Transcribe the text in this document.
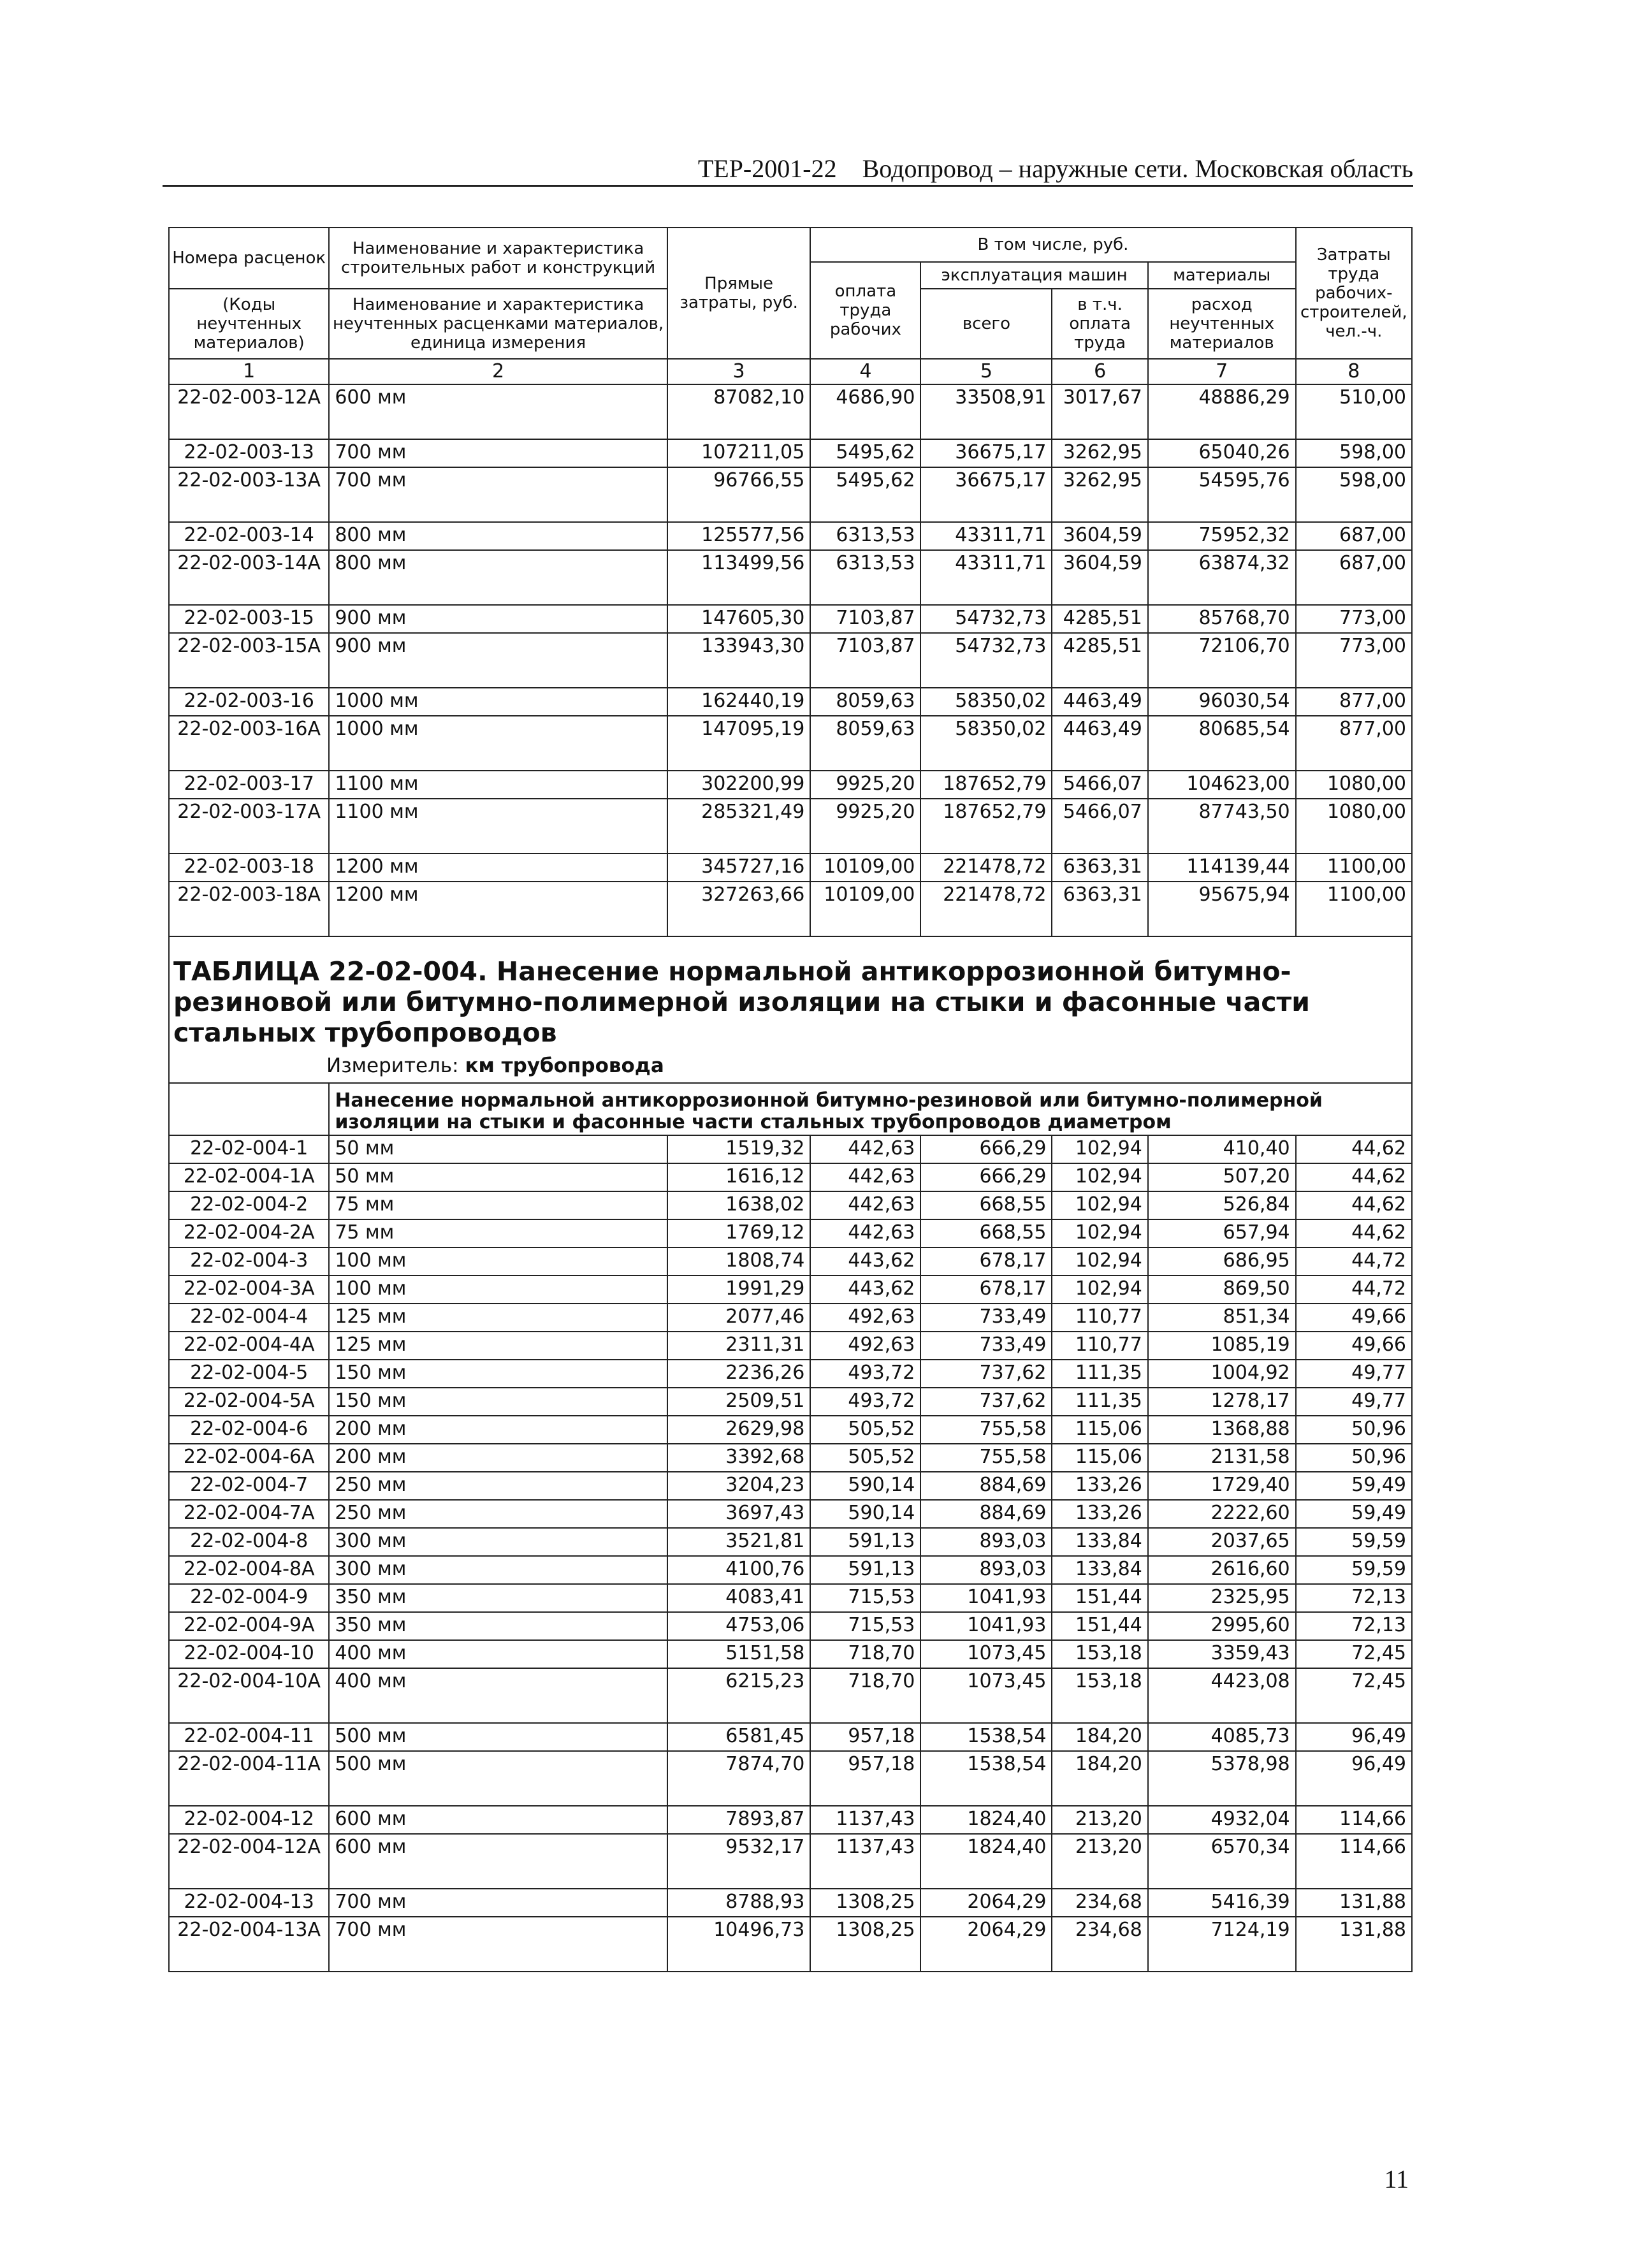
ТЕР-2001-22 Водопровод – наружные сети. Московская область
Номера расценок	Наименование и характеристика строительных работ и конструкций	Прямые затраты, руб.	В том числе, руб.				Затраты труда рабочих-строителей, чел.-ч.
			оплата труда рабочих	эксплуатация машин		материалы	
(Коды неучтенных материалов)	Наименование и характеристика неучтенных расценками материалов, единица измерения			всего	в т.ч. оплата труда	расход неучтенных материалов	

1	2	3	4	5	6	7	8
22-02-003-12А	600 мм	87082,10	4686,90	33508,91	3017,67	48886,29	510,00
22-02-003-13	700 мм	107211,05	5495,62	36675,17	3262,95	65040,26	598,00
22-02-003-13А	700 мм	96766,55	5495,62	36675,17	3262,95	54595,76	598,00
22-02-003-14	800 мм	125577,56	6313,53	43311,71	3604,59	75952,32	687,00
22-02-003-14А	800 мм	113499,56	6313,53	43311,71	3604,59	63874,32	687,00
22-02-003-15	900 мм	147605,30	7103,87	54732,73	4285,51	85768,70	773,00
22-02-003-15А	900 мм	133943,30	7103,87	54732,73	4285,51	72106,70	773,00
22-02-003-16	1000 мм	162440,19	8059,63	58350,02	4463,49	96030,54	877,00
22-02-003-16А	1000 мм	147095,19	8059,63	58350,02	4463,49	80685,54	877,00
22-02-003-17	1100 мм	302200,99	9925,20	187652,79	5466,07	104623,00	1080,00
22-02-003-17А	1100 мм	285321,49	9925,20	187652,79	5466,07	87743,50	1080,00
22-02-003-18	1200 мм	345727,16	10109,00	221478,72	6363,31	114139,44	1100,00
22-02-003-18А	1200 мм	327263,66	10109,00	221478,72	6363,31	95675,94	1100,00

ТАБЛИЦА 22-02-004. Нанесение нормальной антикоррозионной битумно-резиновой или битумно-полимерной изоляции на стыки и фасонные части стальных трубопроводов
Измеритель: км трубопровода							

	Нанесение нормальной антикоррозионной битумно-резиновой или битумно-полимерной изоляции на стыки и фасонные части стальных трубопроводов диаметром						
22-02-004-1	50 мм	1519,32	442,63	666,29	102,94	410,40	44,62
22-02-004-1А	50 мм	1616,12	442,63	666,29	102,94	507,20	44,62
22-02-004-2	75 мм	1638,02	442,63	668,55	102,94	526,84	44,62
22-02-004-2А	75 мм	1769,12	442,63	668,55	102,94	657,94	44,62
22-02-004-3	100 мм	1808,74	443,62	678,17	102,94	686,95	44,72
22-02-004-3А	100 мм	1991,29	443,62	678,17	102,94	869,50	44,72
22-02-004-4	125 мм	2077,46	492,63	733,49	110,77	851,34	49,66
22-02-004-4А	125 мм	2311,31	492,63	733,49	110,77	1085,19	49,66
22-02-004-5	150 мм	2236,26	493,72	737,62	111,35	1004,92	49,77
22-02-004-5А	150 мм	2509,51	493,72	737,62	111,35	1278,17	49,77
22-02-004-6	200 мм	2629,98	505,52	755,58	115,06	1368,88	50,96
22-02-004-6А	200 мм	3392,68	505,52	755,58	115,06	2131,58	50,96
22-02-004-7	250 мм	3204,23	590,14	884,69	133,26	1729,40	59,49
22-02-004-7А	250 мм	3697,43	590,14	884,69	133,26	2222,60	59,49
22-02-004-8	300 мм	3521,81	591,13	893,03	133,84	2037,65	59,59
22-02-004-8А	300 мм	4100,76	591,13	893,03	133,84	2616,60	59,59
22-02-004-9	350 мм	4083,41	715,53	1041,93	151,44	2325,95	72,13
22-02-004-9А	350 мм	4753,06	715,53	1041,93	151,44	2995,60	72,13
22-02-004-10	400 мм	5151,58	718,70	1073,45	153,18	3359,43	72,45
22-02-004-10А	400 мм	6215,23	718,70	1073,45	153,18	4423,08	72,45
22-02-004-11	500 мм	6581,45	957,18	1538,54	184,20	4085,73	96,49
22-02-004-11А	500 мм	7874,70	957,18	1538,54	184,20	5378,98	96,49
22-02-004-12	600 мм	7893,87	1137,43	1824,40	213,20	4932,04	114,66
22-02-004-12А	600 мм	9532,17	1137,43	1824,40	213,20	6570,34	114,66
22-02-004-13	700 мм	8788,93	1308,25	2064,29	234,68	5416,39	131,88
22-02-004-13А	700 мм	10496,73	1308,25	2064,29	234,68	7124,19	131,88
11
